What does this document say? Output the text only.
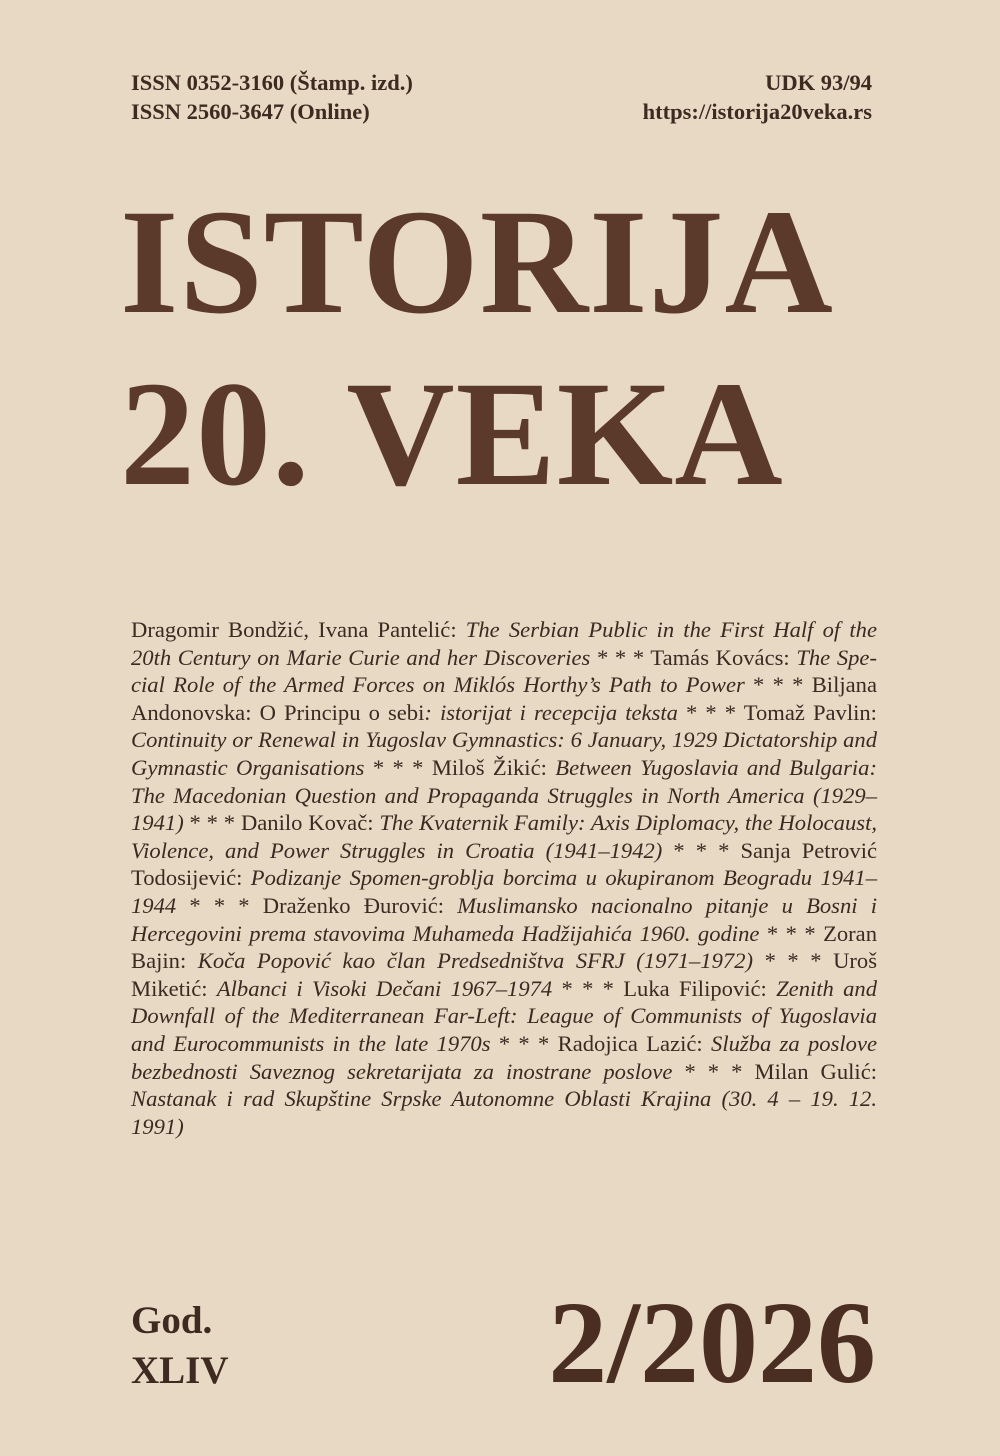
ISSN 0352-3160 (Štamp. izd.)
ISSN 2560-3647 (Online)
UDK 93/94
https://istorija20veka.rs
ISTORIJA
20. VEKA
Dragomir Bondžić, Ivana Pantelić: The Serbian Public in the First Half of the 20th Century on Marie Curie and her Discoveries * * * Tamás Kovács: The Special Role of the Armed Forces on Miklós Horthy’s Path to Power * * * Biljana Andonovska: O Principu o sebi: istorijat i recepcija teksta * * * Tomaž Pavlin: Continuity or Renewal in Yugoslav Gymnastics: 6 January, 1929 Dictatorship and Gymnastic Organisations * * * Miloš Žikić: Between Yugoslavia and Bulgaria: The Macedonian Question and Propaganda Struggles in North America (1929–1941) * * * Danilo Kovač: The Kvaternik Family: Axis Diplomacy, the Holocaust, Violence, and Power Struggles in Croatia (1941–1942) * * * Sanja Petrović Todosijević: Podizanje Spomen-groblja borcima u okupiranom Beogradu 1941–1944 * * * Draženko Đurović: Muslimansko nacionalno pitanje u Bosni i Hercegovini prema stavovima Muhameda Hadžijahića 1960. godine * * * Zoran Bajin: Koča Popović kao član Predsedništva SFRJ (1971–1972) * * * Uroš Miketić: Albanci i Visoki Dečani 1967–1974 * * * Luka Filipović: Zenith and Downfall of the Mediterranean Far-Left: League of Communists of Yugoslavia and Eurocommunists in the late 1970s * * * Radojica Lazić: Služba za poslove bezbednosti Saveznog sekretarijata za inostrane poslove * * * Milan Gulić: Nastanak i rad Skupštine Srpske Autonomne Oblasti Krajina (30. 4 – 19. 12. 1991)
God.
XLIV	2/2026
